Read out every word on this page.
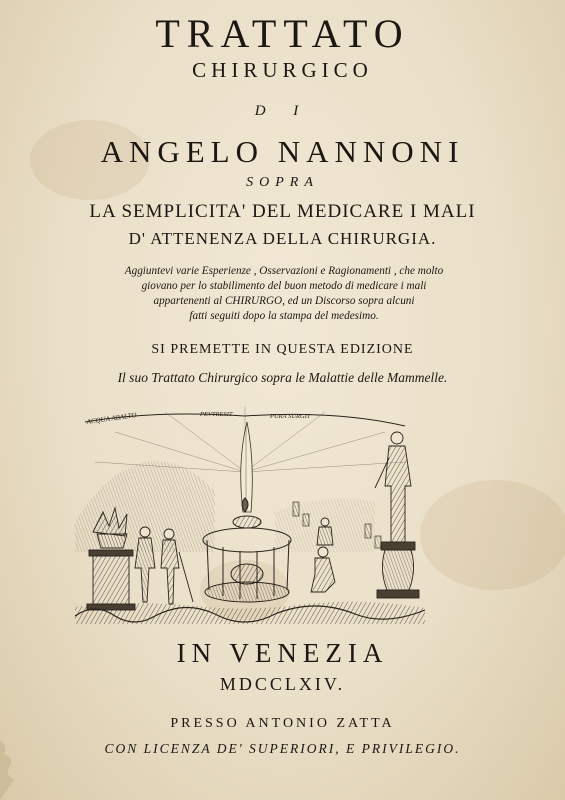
TRATTATO
CHIRURGICO
D I
ANGELO NANNONI
SOPRA
LA SEMPLICITA' DEL MEDICARE I MALI
D' ATTENENZA DELLA CHIRURGIA.
Aggiuntevi varie Esperienze , Osservazioni e Ragionamenti , che molto
giovano per lo stabilimento del buon metodo di medicare i mali
appartenenti al CHIRURGO, ed un Discorso sopra alcuni
fatti seguiti dopo la stampa del medesimo.
SI PREMETTE IN QUESTA EDIZIONE
Il suo Trattato Chirurgico sopra le Malattie delle Mammelle.
ACQUA ABALTO	PEVTRESIT	PURA SURGIT
IN VENEZIA
MDCCLXIV.
PRESSO ANTONIO ZATTA
CON LICENZA DE' SUPERIORI, E PRIVILEGIO.
